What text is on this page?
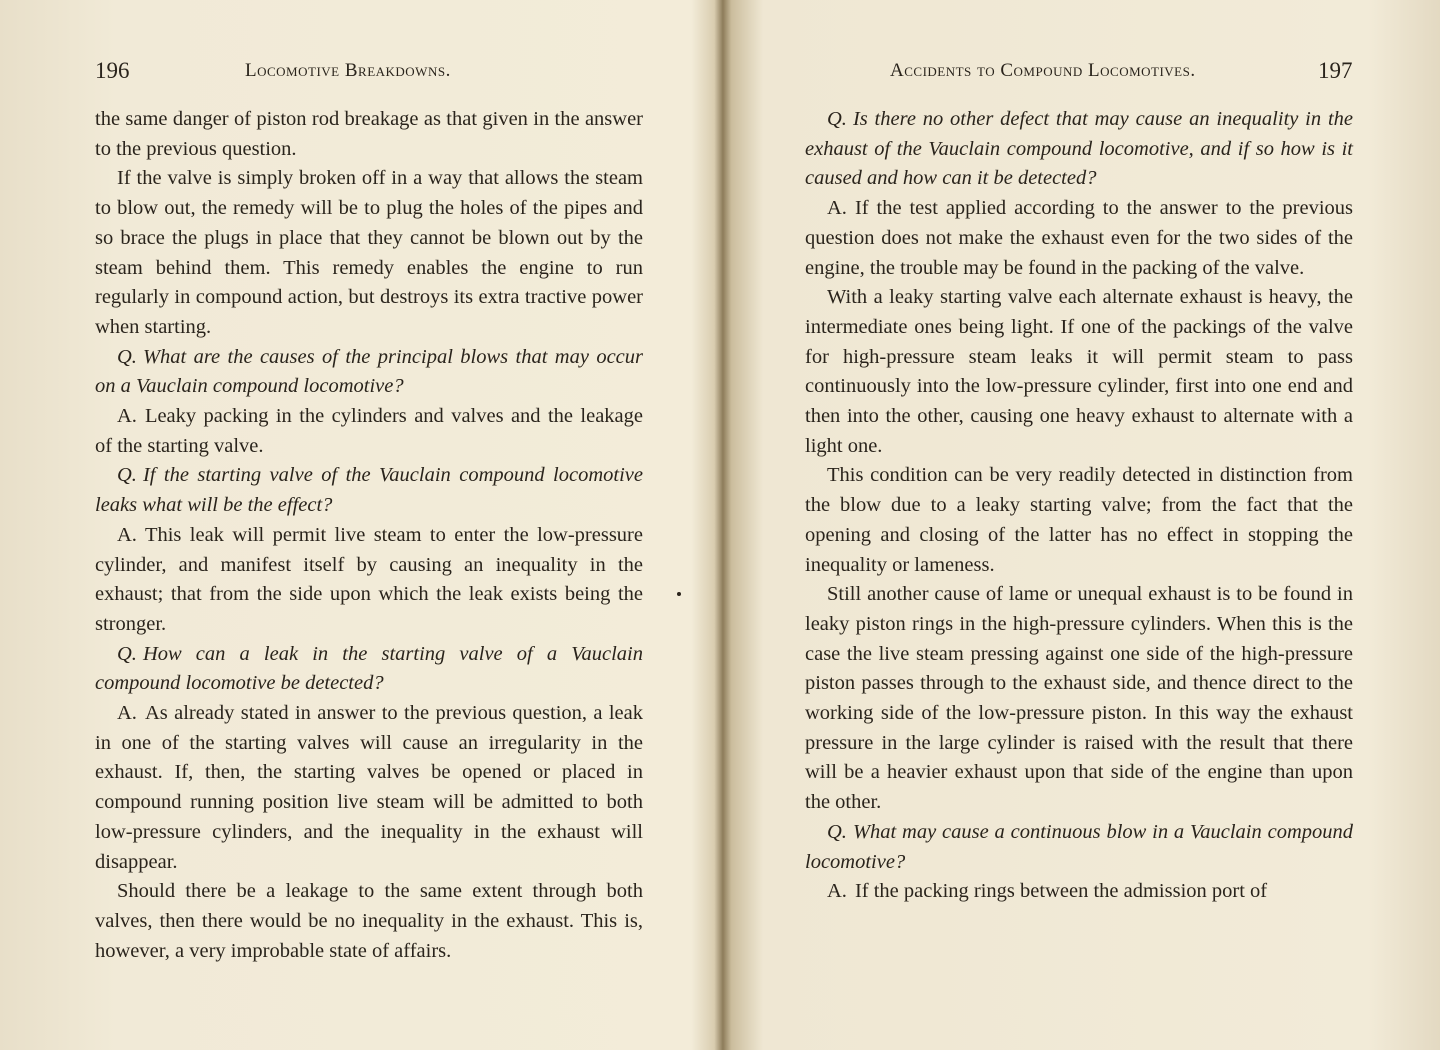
196	Locomotive Breakdowns.

the same danger of piston rod breakage as that given in the answer to the previous question.

If the valve is simply broken off in a way that allows the steam to blow out, the remedy will be to plug the holes of the pipes and so brace the plugs in place that they cannot be blown out by the steam behind them. This remedy enables the engine to run regularly in compound action, but destroys its extra tractive power when starting.

Q. What are the causes of the principal blows that may occur on a Vauclain compound locomotive?

A. Leaky packing in the cylinders and valves and the leakage of the starting valve.

Q. If the starting valve of the Vauclain compound locomotive leaks what will be the effect?

A. This leak will permit live steam to enter the low-pressure cylinder, and manifest itself by causing an inequality in the exhaust; that from the side upon which the leak exists being the stronger.

Q. How can a leak in the starting valve of a Vauclain compound locomotive be detected?

A. As already stated in answer to the previous question, a leak in one of the starting valves will cause an irregularity in the exhaust. If, then, the starting valves be opened or placed in compound running position live steam will be admitted to both low-pressure cylinders, and the inequality in the exhaust will disappear.

Should there be a leakage to the same extent through both valves, then there would be no inequality in the exhaust. This is, however, a very improbable state of affairs.

Accidents to Compound Locomotives.	197

Q. Is there no other defect that may cause an inequality in the exhaust of the Vauclain compound locomotive, and if so how is it caused and how can it be detected?

A. If the test applied according to the answer to the previous question does not make the exhaust even for the two sides of the engine, the trouble may be found in the packing of the valve.

With a leaky starting valve each alternate exhaust is heavy, the intermediate ones being light. If one of the packings of the valve for high-pressure steam leaks it will permit steam to pass continuously into the low-pressure cylinder, first into one end and then into the other, causing one heavy exhaust to alternate with a light one.

This condition can be very readily detected in distinction from the blow due to a leaky starting valve; from the fact that the opening and closing of the latter has no effect in stopping the inequality or lameness.

Still another cause of lame or unequal exhaust is to be found in leaky piston rings in the high-pressure cylinders. When this is the case the live steam pressing against one side of the high-pressure piston passes through to the exhaust side, and thence direct to the working side of the low-pressure piston. In this way the exhaust pressure in the large cylinder is raised with the result that there will be a heavier exhaust upon that side of the engine than upon the other.

Q. What may cause a continuous blow in a Vauclain compound locomotive?

A. If the packing rings between the admission port of
